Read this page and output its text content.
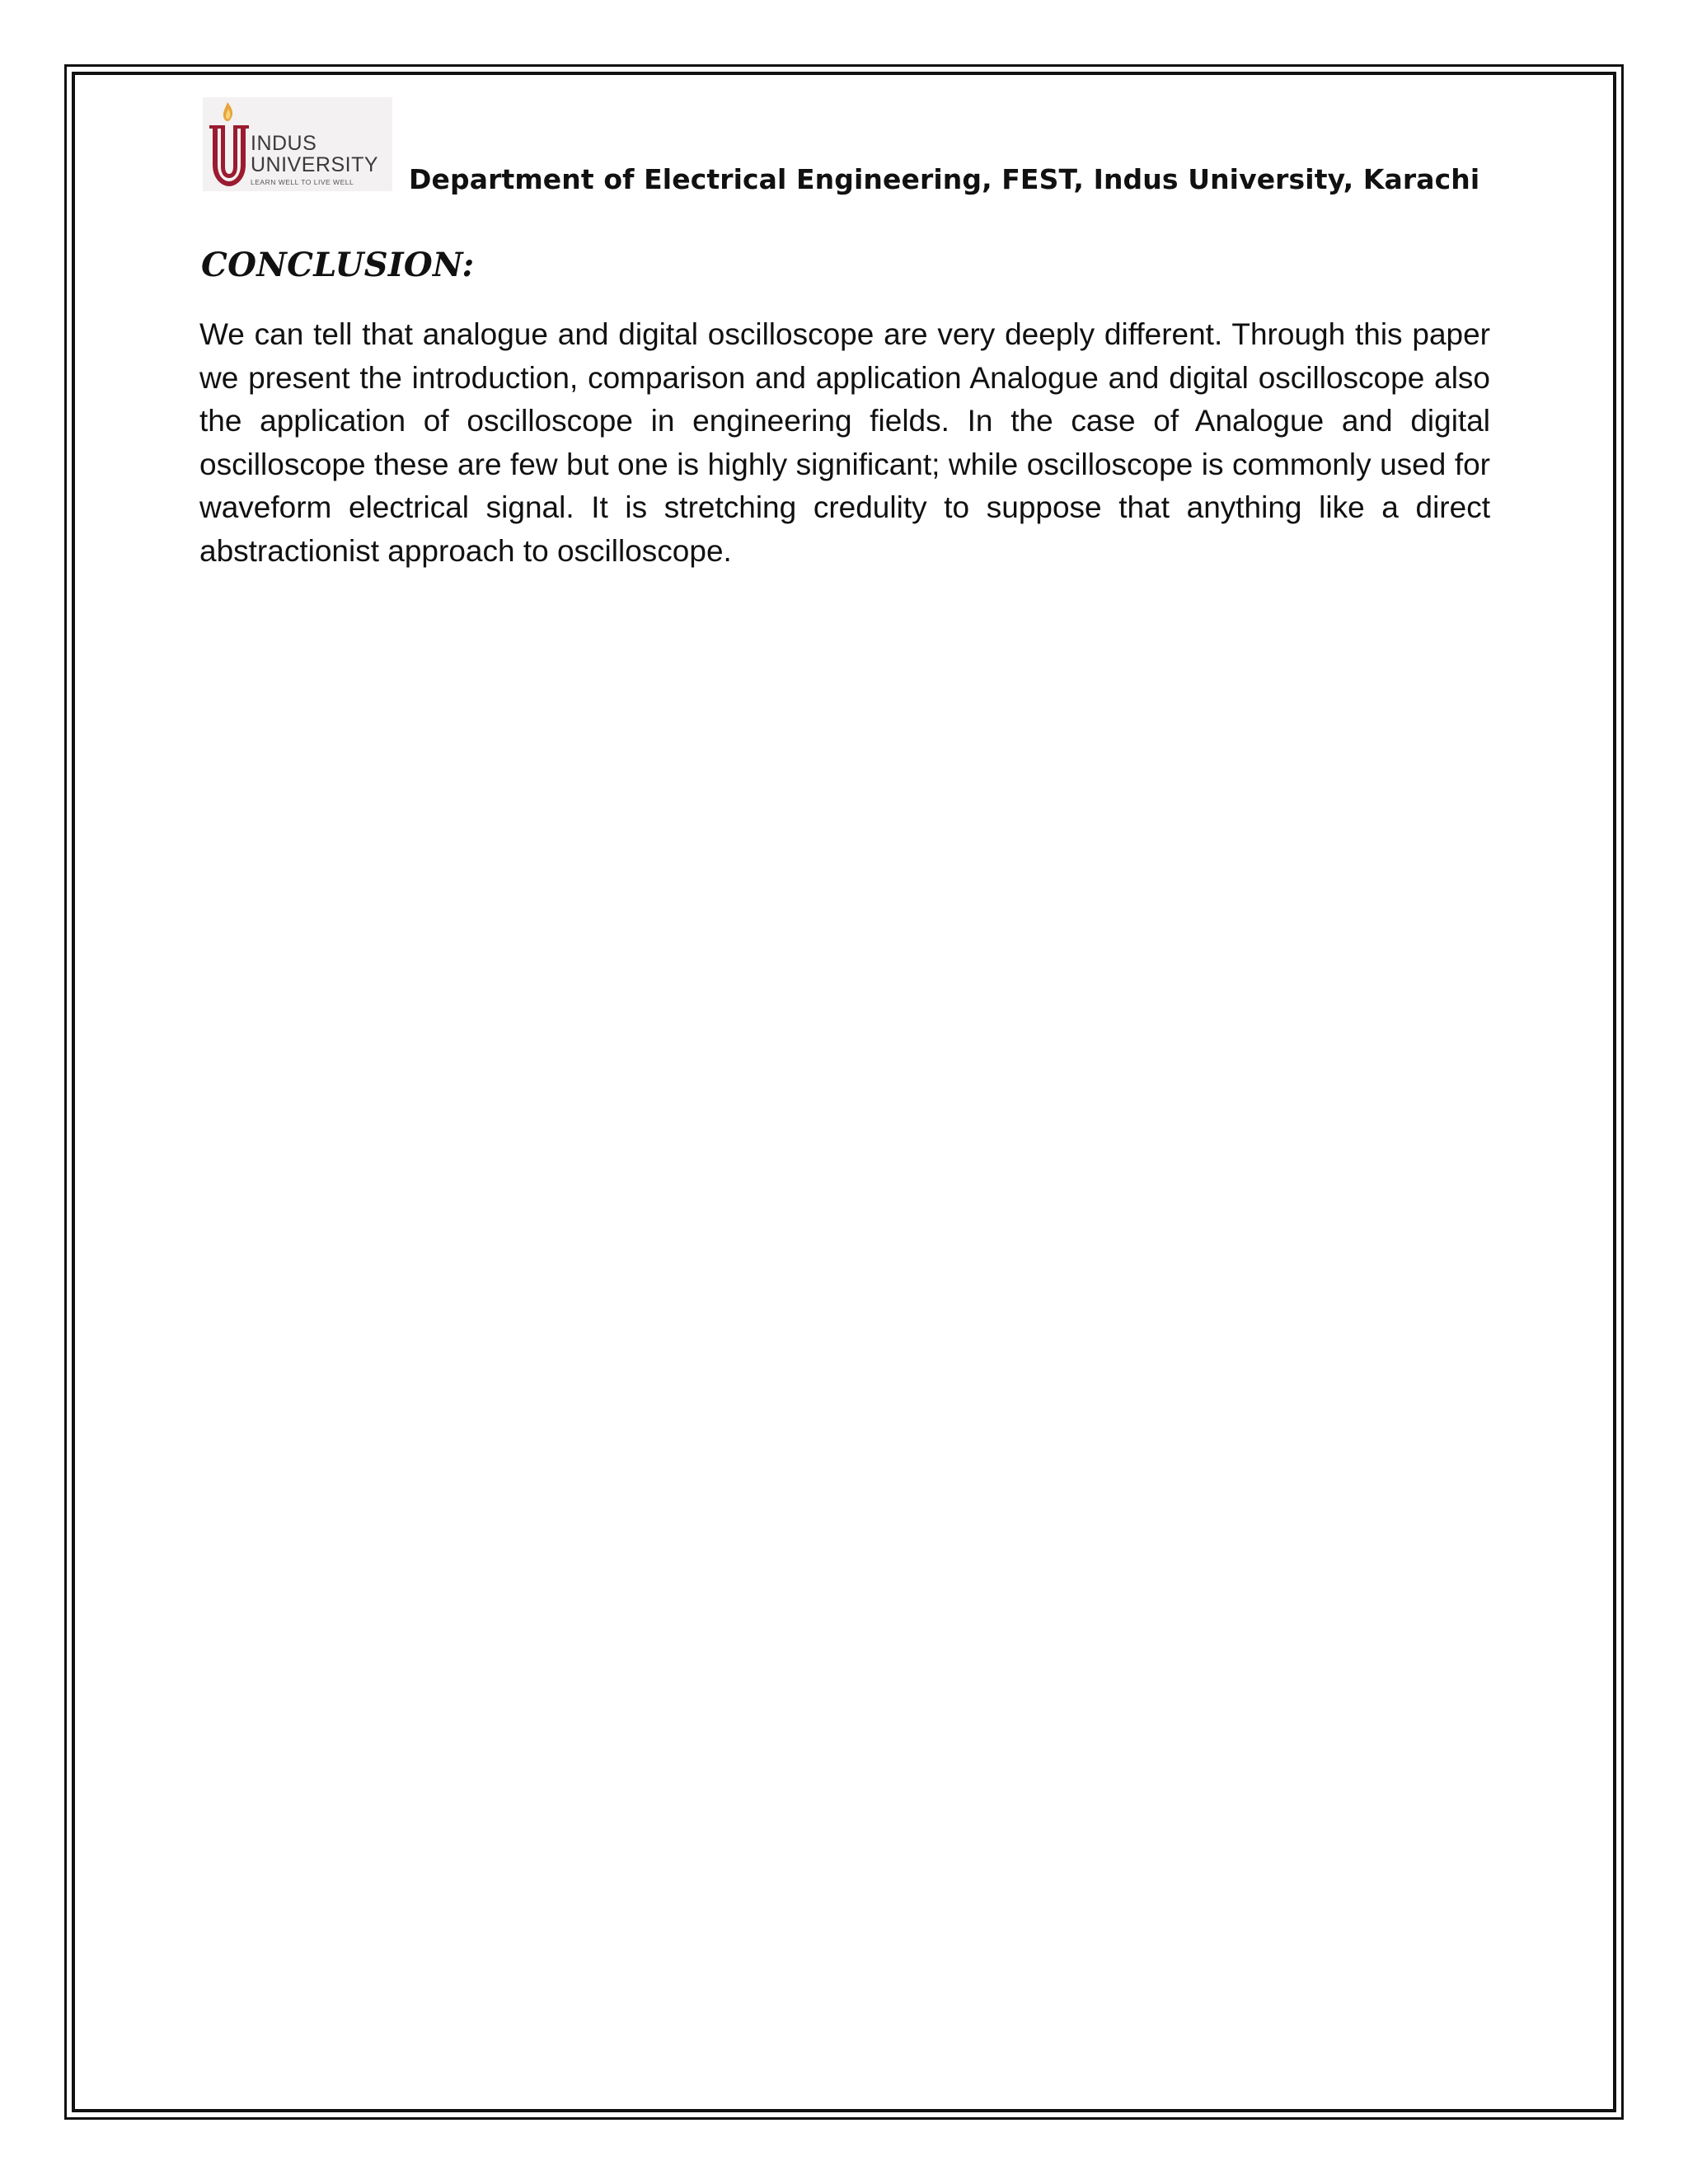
INDUS
UNIVERSITY
LEARN WELL TO LIVE WELL Department of Electrical Engineering, FEST, Indus University, Karachi
CONCLUSION:

We can tell that analogue and digital oscilloscope are very deeply different. Through this paper we present the introduction, comparison and application Analogue and digital oscilloscope also the application of oscilloscope in engineering fields. In the case of Analogue and digital oscilloscope these are few but one is highly significant; while oscilloscope is commonly used for waveform electrical signal. It is stretching credulity to suppose that anything like a direct abstractionist approach to oscilloscope.
